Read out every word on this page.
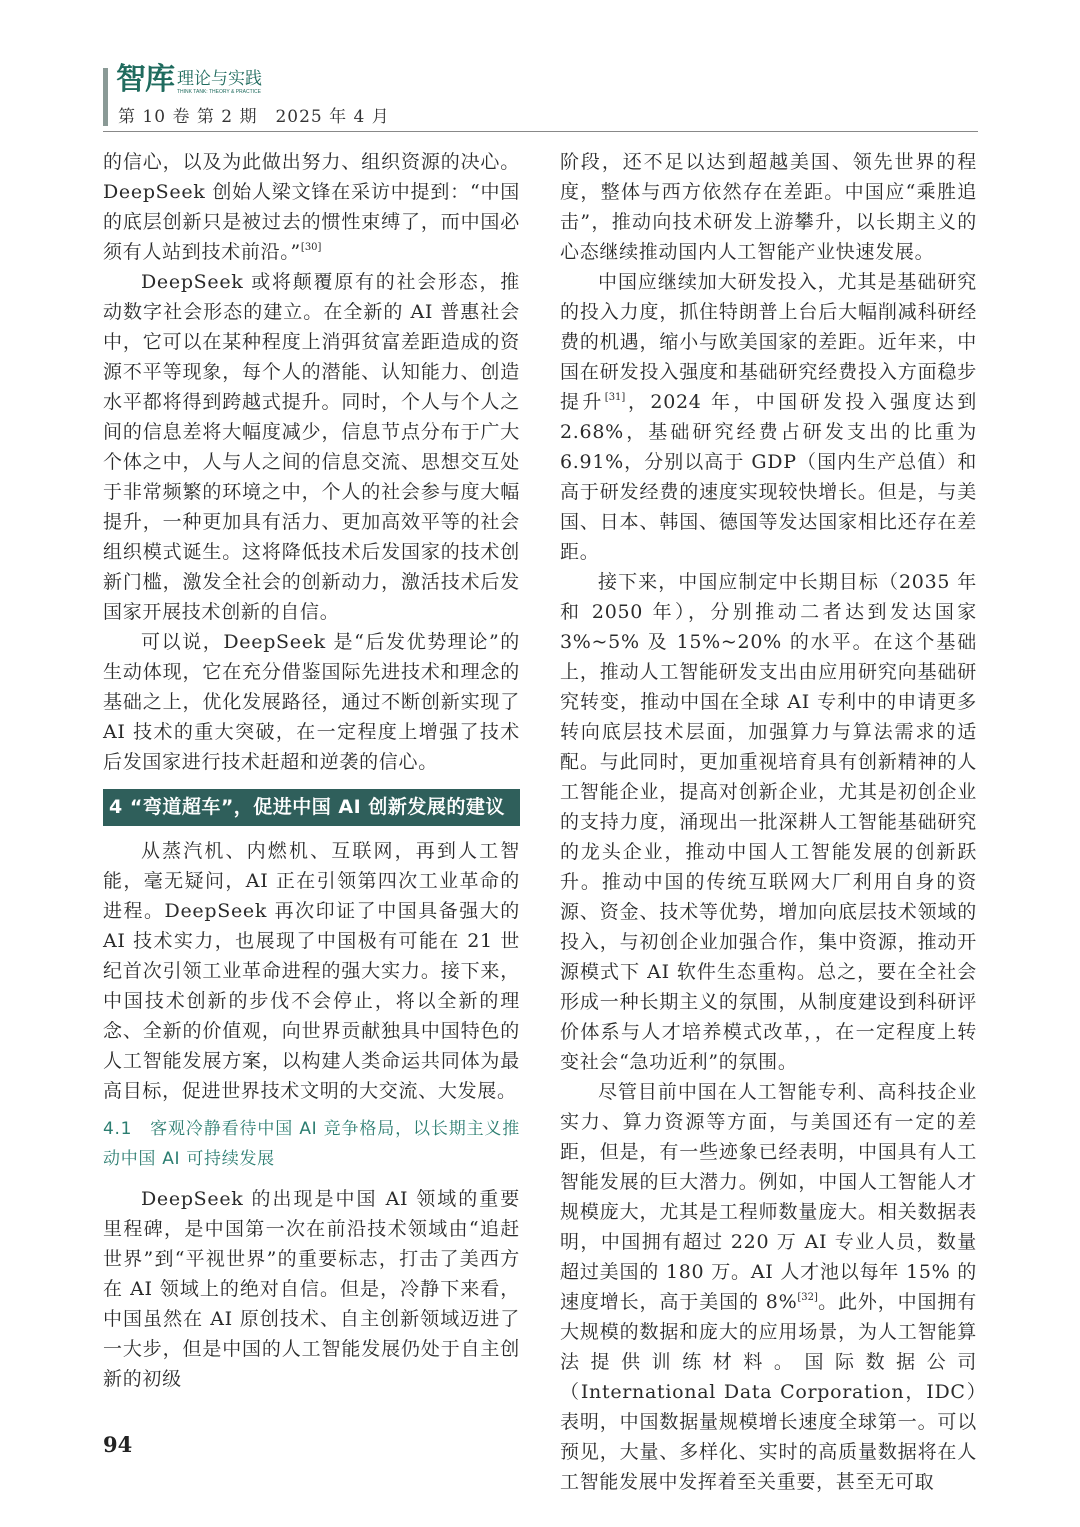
智库 理论与实践
THINK TANK: THEORY & PRACTICE
第 10 卷 第 2 期　2025 年 4 月

的信心，以及为此做出努力、组织资源的决心。DeepSeek 创始人梁文锋在采访中提到：“中国的底层创新只是被过去的惯性束缚了，而中国必须有人站到技术前沿。”[30]

DeepSeek 或将颠覆原有的社会形态，推动数字社会形态的建立。在全新的 AI 普惠社会中，它可以在某种程度上消弭贫富差距造成的资源不平等现象，每个人的潜能、认知能力、创造水平都将得到跨越式提升。同时，个人与个人之间的信息差将大幅度减少，信息节点分布于广大个体之中，人与人之间的信息交流、思想交互处于非常频繁的环境之中，个人的社会参与度大幅提升，一种更加具有活力、更加高效平等的社会组织模式诞生。这将降低技术后发国家的技术创新门槛，激发全社会的创新动力，激活技术后发国家开展技术创新的自信。

可以说，DeepSeek 是“后发优势理论”的生动体现，它在充分借鉴国际先进技术和理念的基础之上，优化发展路径，通过不断创新实现了 AI 技术的重大突破，在一定程度上增强了技术后发国家进行技术赶超和逆袭的信心。

4 “弯道超车”，促进中国 AI 创新发展的建议

从蒸汽机、内燃机、互联网，再到人工智能，毫无疑问，AI 正在引领第四次工业革命的进程。DeepSeek 再次印证了中国具备强大的 AI 技术实力，也展现了中国极有可能在 21 世纪首次引领工业革命进程的强大实力。接下来，中国技术创新的步伐不会停止，将以全新的理念、全新的价值观，向世界贡献独具中国特色的人工智能发展方案，以构建人类命运共同体为最高目标，促进世界技术文明的大交流、大发展。

4.1　客观冷静看待中国 AI 竞争格局，以长期主义推动中国 AI 可持续发展

DeepSeek 的出现是中国 AI 领域的重要里程碑，是中国第一次在前沿技术领域由“追赶世界”到“平视世界”的重要标志，打击了美西方在 AI 领域上的绝对自信。但是，冷静下来看，中国虽然在 AI 原创技术、自主创新领域迈进了一大步，但是中国的人工智能发展仍处于自主创新的初级

阶段，还不足以达到超越美国、领先世界的程度，整体与西方依然存在差距。中国应“乘胜追击”，推动向技术研发上游攀升，以长期主义的心态继续推动国内人工智能产业快速发展。

中国应继续加大研发投入，尤其是基础研究的投入力度，抓住特朗普上台后大幅削减科研经费的机遇，缩小与欧美国家的差距。近年来，中国在研发投入强度和基础研究经费投入方面稳步提升[31]，2024 年，中国研发投入强度达到 2.68%，基础研究经费占研发支出的比重为 6.91%，分别以高于 GDP（国内生产总值）和高于研发经费的速度实现较快增长。但是，与美国、日本、韩国、德国等发达国家相比还存在差距。

接下来，中国应制定中长期目标（2035 年和 2050 年），分别推动二者达到发达国家 3%~5% 及 15%~20% 的水平。在这个基础上，推动人工智能研发支出由应用研究向基础研究转变，推动中国在全球 AI 专利中的申请更多转向底层技术层面，加强算力与算法需求的适配。与此同时，更加重视培育具有创新精神的人工智能企业，提高对创新企业，尤其是初创企业的支持力度，涌现出一批深耕人工智能基础研究的龙头企业，推动中国人工智能发展的创新跃升。推动中国的传统互联网大厂利用自身的资源、资金、技术等优势，增加向底层技术领域的投入，与初创企业加强合作，集中资源，推动开源模式下 AI 软件生态重构。总之，要在全社会形成一种长期主义的氛围，从制度建设到科研评价体系与人才培养模式改革，，在一定程度上转变社会“急功近利”的氛围。

尽管目前中国在人工智能专利、高科技企业实力、算力资源等方面，与美国还有一定的差距，但是，有一些迹象已经表明，中国具有人工智能发展的巨大潜力。例如，中国人工智能人才规模庞大，尤其是工程师数量庞大。相关数据表明，中国拥有超过 220 万 AI 专业人员，数量超过美国的 180 万。AI 人才池以每年 15% 的速度增长，高于美国的 8%[32]。此外，中国拥有大规模的数据和庞大的应用场景，为人工智能算法提供训练材料。国际数据公司（International Data Corporation，IDC）表明，中国数据量规模增长速度全球第一。可以预见，大量、多样化、实时的高质量数据将在人工智能发展中发挥着至关重要，甚至无可取

94
